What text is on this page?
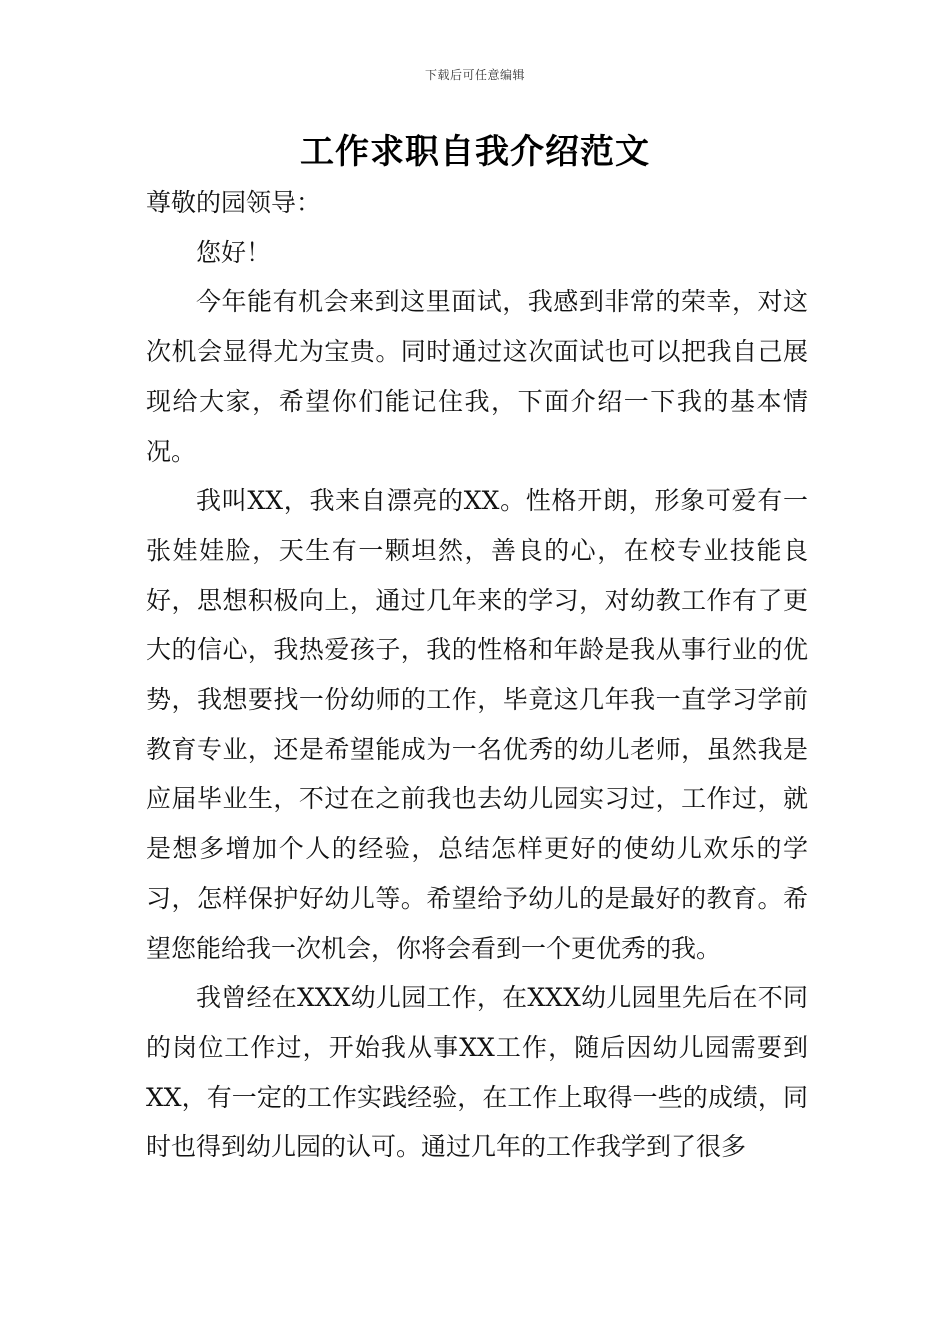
下载后可任意编辑
工作求职自我介绍范文

尊敬的园领导：

您好！

今年能有机会来到这里面试，我感到非常的荣幸，对这次机会显得尤为宝贵。同时通过这次面试也可以把我自己展现给大家，希望你们能记住我，下面介绍一下我的基本情况。

我叫XX，我来自漂亮的XX。性格开朗，形象可爱有一张娃娃脸，天生有一颗坦然，善良的心，在校专业技能良好，思想积极向上，通过几年来的学习，对幼教工作有了更大的信心，我热爱孩子，我的性格和年龄是我从事行业的优势，我想要找一份幼师的工作，毕竟这几年我一直学习学前教育专业，还是希望能成为一名优秀的幼儿老师，虽然我是应届毕业生，不过在之前我也去幼儿园实习过，工作过，就是想多增加个人的经验，总结怎样更好的使幼儿欢乐的学习，怎样保护好幼儿等。希望给予幼儿的是最好的教育。希望您能给我一次机会，你将会看到一个更优秀的我。

我曾经在XXX幼儿园工作，在XXX幼儿园里先后在不同的岗位工作过，开始我从事XX工作，随后因幼儿园需要到XX，有一定的工作实践经验，在工作上取得一些的成绩，同时也得到幼儿园的认可。通过几年的工作我学到了很多
